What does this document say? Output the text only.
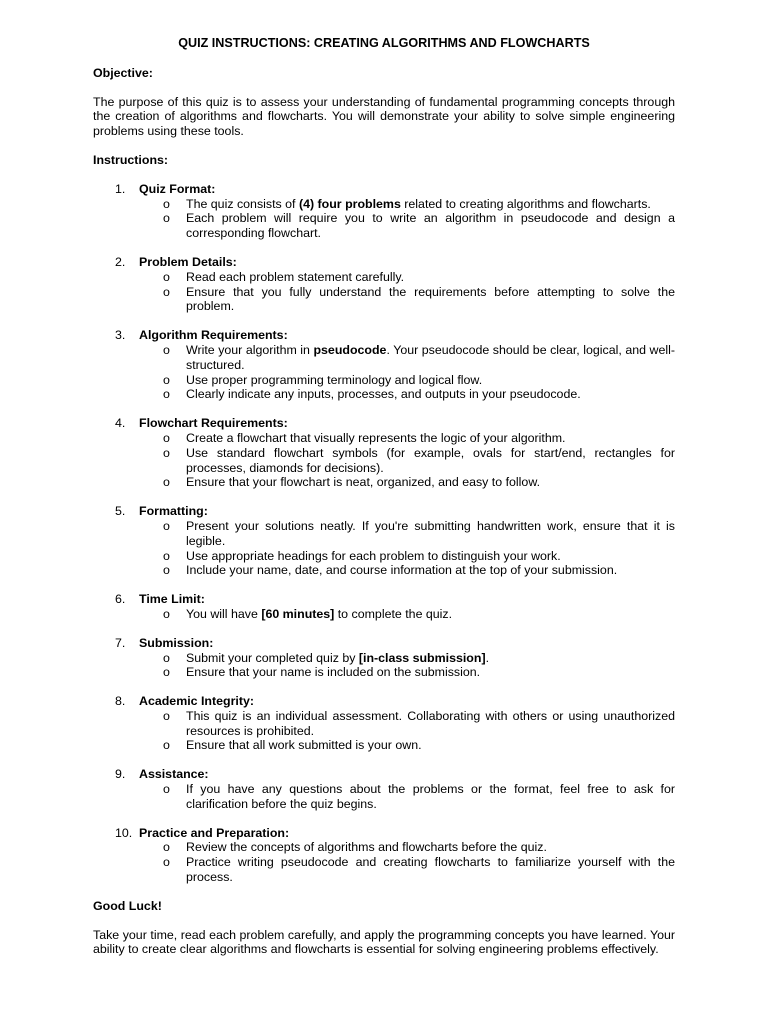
QUIZ INSTRUCTIONS: CREATING ALGORITHMS AND FLOWCHARTS
Objective:
The purpose of this quiz is to assess your understanding of fundamental programming concepts through the creation of algorithms and flowcharts. You will demonstrate your ability to solve simple engineering problems using these tools.
Instructions:
1.	Quiz Format:
o The quiz consists of (4) four problems related to creating algorithms and flowcharts.
o Each problem will require you to write an algorithm in pseudocode and design a corresponding flowchart.
2.	Problem Details:
o Read each problem statement carefully.
o Ensure that you fully understand the requirements before attempting to solve the problem.
3.	Algorithm Requirements:
o Write your algorithm in pseudocode. Your pseudocode should be clear, logical, and well-structured.
o Use proper programming terminology and logical flow.
o Clearly indicate any inputs, processes, and outputs in your pseudocode.
4.	Flowchart Requirements:
o Create a flowchart that visually represents the logic of your algorithm.
o Use standard flowchart symbols (for example, ovals for start/end, rectangles for processes, diamonds for decisions).
o Ensure that your flowchart is neat, organized, and easy to follow.
5.	Formatting:
o Present your solutions neatly. If you're submitting handwritten work, ensure that it is legible.
o Use appropriate headings for each problem to distinguish your work.
o Include your name, date, and course information at the top of your submission.
6.	Time Limit:
o You will have [60 minutes] to complete the quiz.
7.	Submission:
o Submit your completed quiz by [in-class submission].
o Ensure that your name is included on the submission.
8.	Academic Integrity:
o This quiz is an individual assessment. Collaborating with others or using unauthorized resources is prohibited.
o Ensure that all work submitted is your own.
9.	Assistance:
o If you have any questions about the problems or the format, feel free to ask for clarification before the quiz begins.
10. Practice and Preparation:
o Review the concepts of algorithms and flowcharts before the quiz.
o Practice writing pseudocode and creating flowcharts to familiarize yourself with the process.
Good Luck!
Take your time, read each problem carefully, and apply the programming concepts you have learned. Your ability to create clear algorithms and flowcharts is essential for solving engineering problems effectively.
